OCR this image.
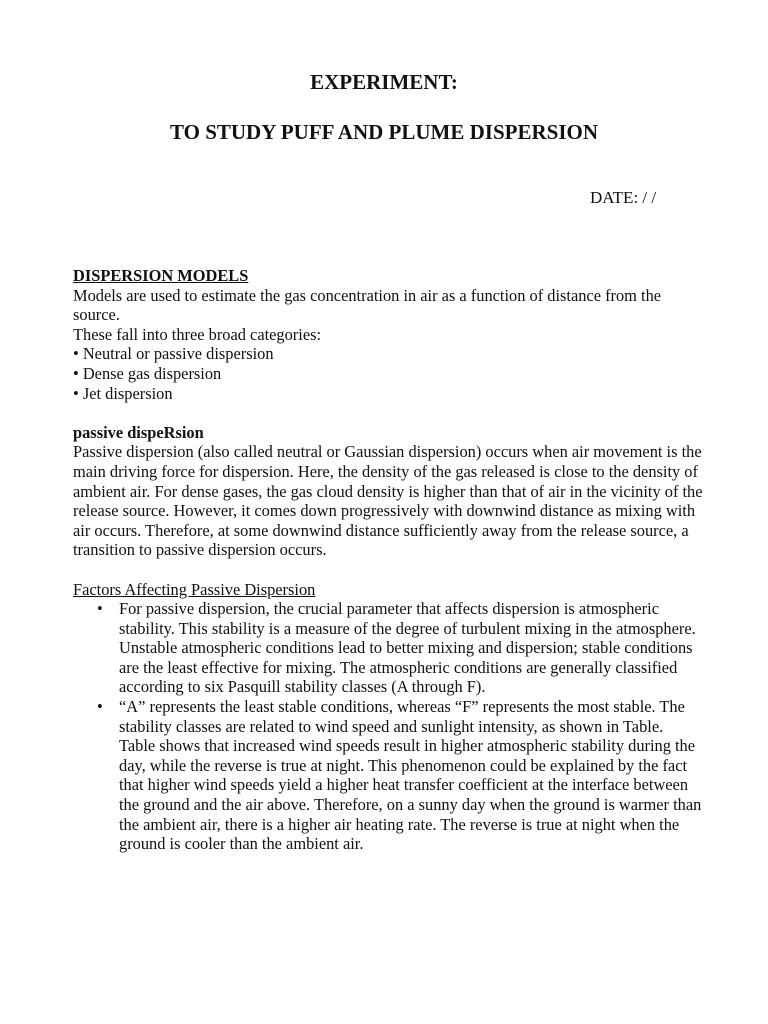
EXPERIMENT:
TO STUDY PUFF AND PLUME DISPERSION

DATE: / /

DISPERSION MODELS

Models are used to estimate the gas concentration in air as a function of distance from the source.

These fall into three broad categories:

• Neutral or passive dispersion
• Dense gas dispersion
• Jet dispersion

passive dispeRsion

Passive dispersion (also called neutral or Gaussian dispersion) occurs when air movement is the main driving force for dispersion. Here, the density of the gas released is close to the density of ambient air. For dense gases, the gas cloud density is higher than that of air in the vicinity of the release source. However, it comes down progressively with downwind distance as mixing with air occurs. Therefore, at some downwind distance sufficiently away from the release source, a transition to passive dispersion occurs.

Factors Affecting Passive Dispersion

• For passive dispersion, the crucial parameter that affects dispersion is atmospheric stability. This stability is a measure of the degree of turbulent mixing in the atmosphere. Unstable atmospheric conditions lead to better mixing and dispersion; stable conditions are the least effective for mixing. The atmospheric conditions are generally classified according to six Pasquill stability classes (A through F).
• “A” represents the least stable conditions, whereas “F” represents the most stable. The stability classes are related to wind speed and sunlight intensity, as shown in Table. Table shows that increased wind speeds result in higher atmospheric stability during the day, while the reverse is true at night. This phenomenon could be explained by the fact that higher wind speeds yield a higher heat transfer coefficient at the interface between the ground and the air above. Therefore, on a sunny day when the ground is warmer than the ambient air, there is a higher air heating rate. The reverse is true at night when the ground is cooler than the ambient air.
